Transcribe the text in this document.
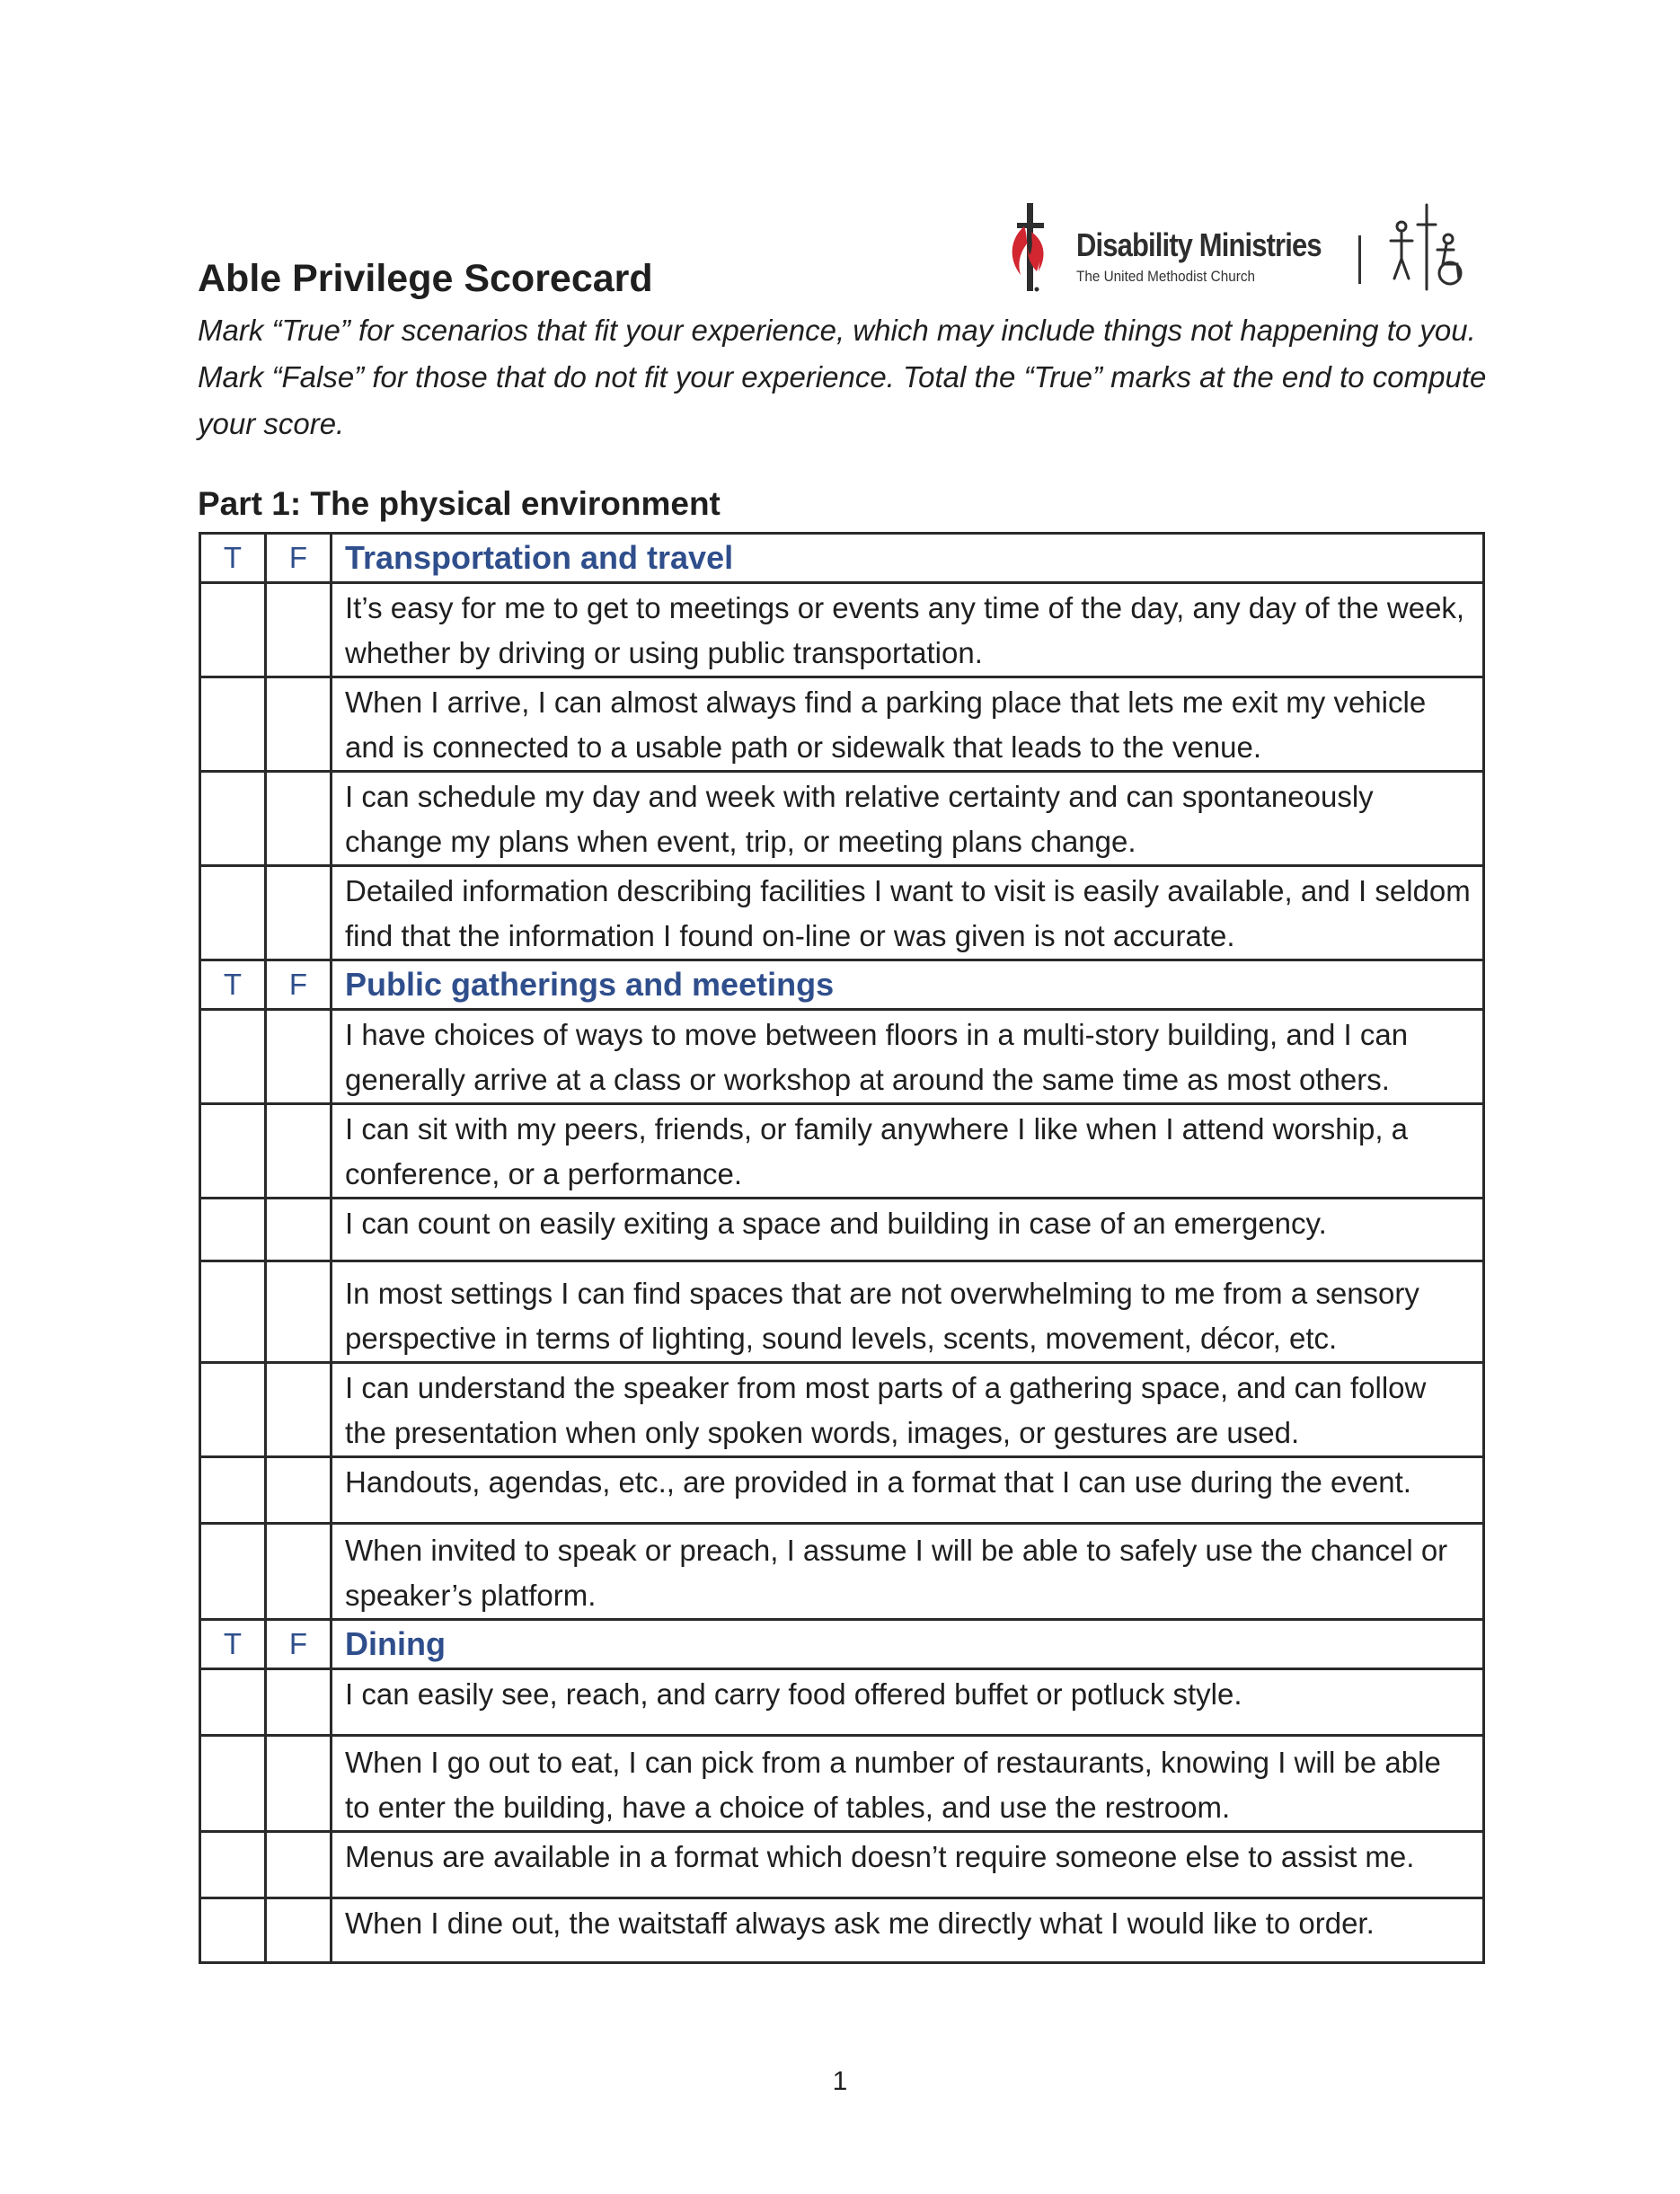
Disability Ministries
The United Methodist Church
Able Privilege Scorecard

Mark “True” for scenarios that fit your experience, which may include things not happening to you. Mark “False” for those that do not fit your experience. Total the “True” marks at the end to compute your score.

Part 1: The physical environment
T	F	Transportation and travel
		It’s easy for me to get to meetings or events any time of the day, any day of the week, whether by driving or using public transportation.
		When I arrive, I can almost always find a parking place that lets me exit my vehicle and is connected to a usable path or sidewalk that leads to the venue.
		I can schedule my day and week with relative certainty and can spontaneously change my plans when event, trip, or meeting plans change.
		Detailed information describing facilities I want to visit is easily available, and I seldom find that the information I found on-line or was given is not accurate.
T	F	Public gatherings and meetings
		I have choices of ways to move between floors in a multi-story building, and I can generally arrive at a class or workshop at around the same time as most others.
		I can sit with my peers, friends, or family anywhere I like when I attend worship, a conference, or a performance.
		I can count on easily exiting a space and building in case of an emergency.
		In most settings I can find spaces that are not overwhelming to me from a sensory perspective in terms of lighting, sound levels, scents, movement, décor, etc.
		I can understand the speaker from most parts of a gathering space, and can follow the presentation when only spoken words, images, or gestures are used.
		Handouts, agendas, etc., are provided in a format that I can use during the event.
		When invited to speak or preach, I assume I will be able to safely use the chancel or speaker’s platform.
T	F	Dining
		I can easily see, reach, and carry food offered buffet or potluck style.
		When I go out to eat, I can pick from a number of restaurants, knowing I will be able to enter the building, have a choice of tables, and use the restroom.
		Menus are available in a format which doesn’t require someone else to assist me.
		When I dine out, the waitstaff always ask me directly what I would like to order.
1
